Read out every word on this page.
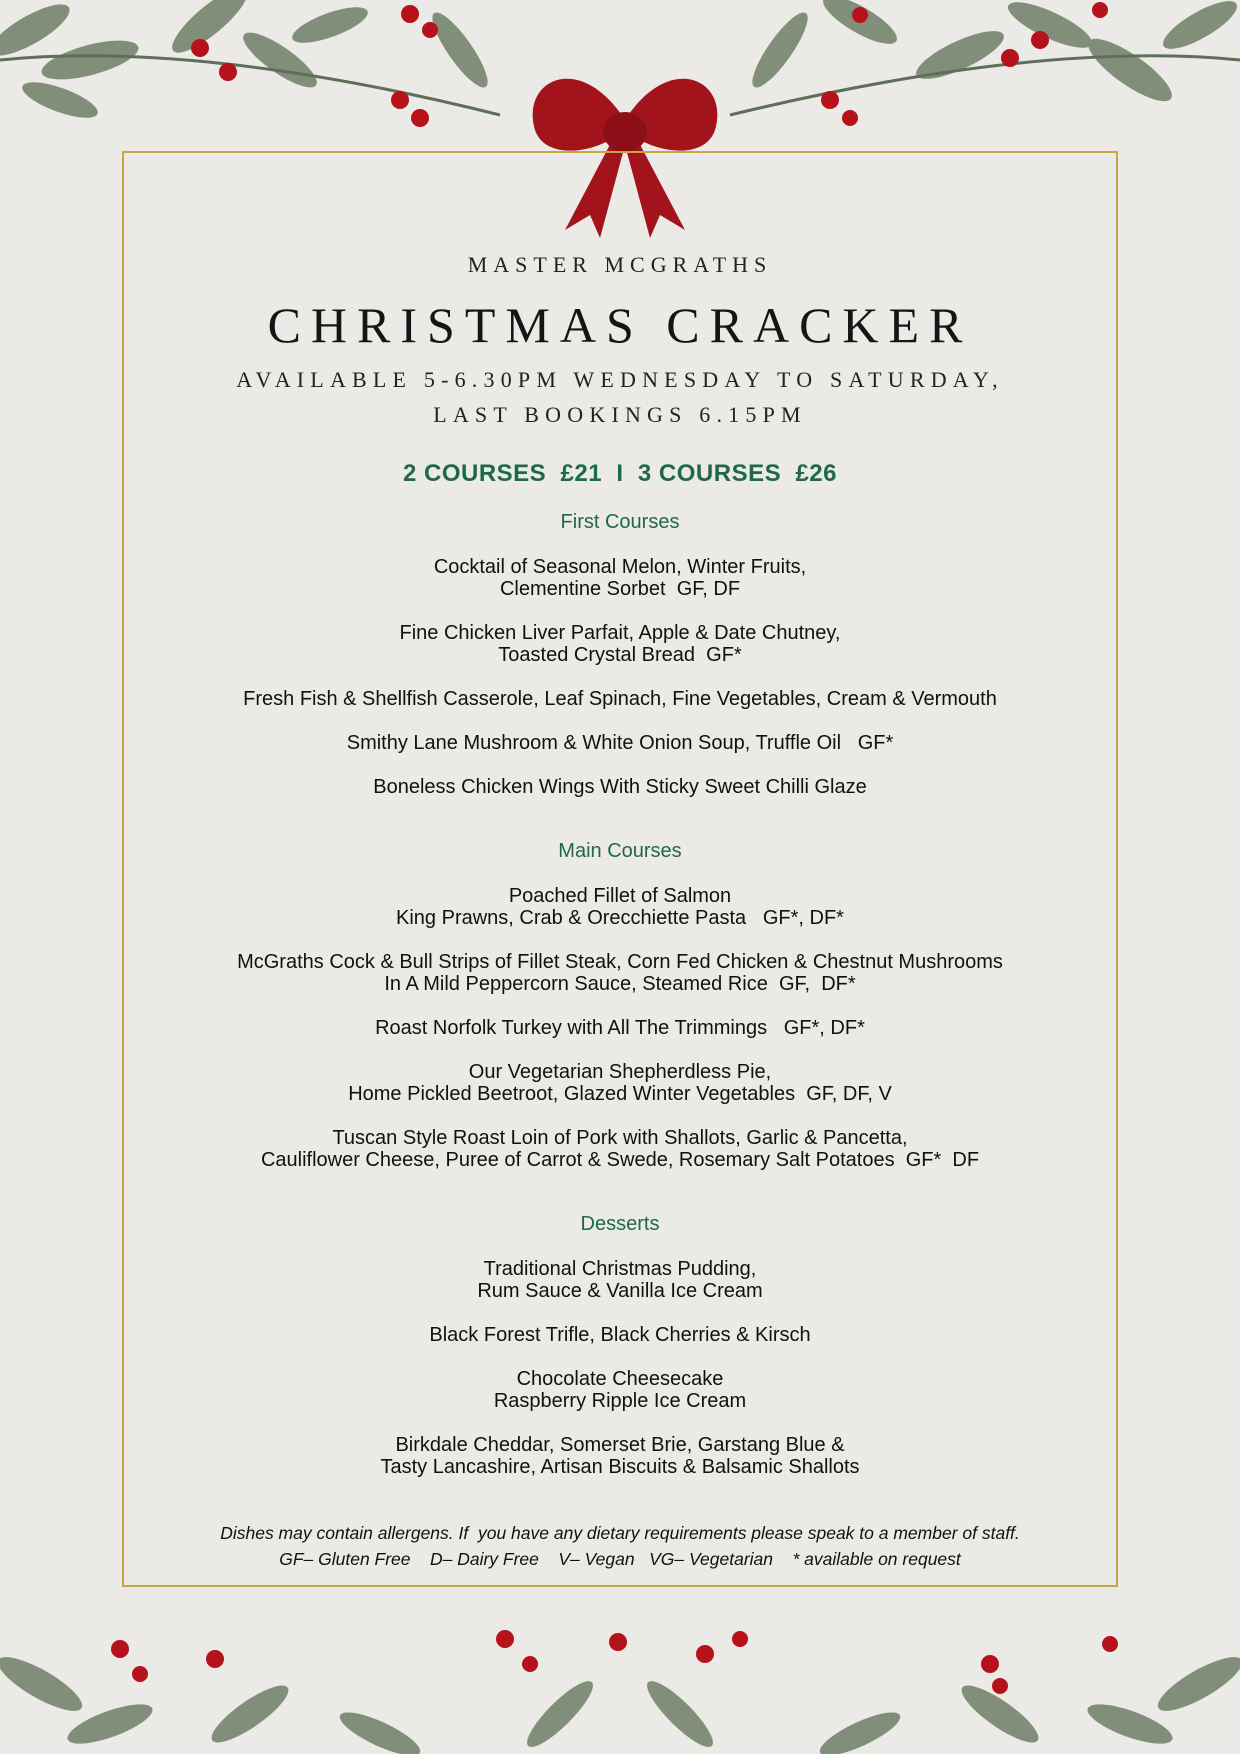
MASTER MCGRATHS
CHRISTMAS CRACKER
AVAILABLE 5-6.30PM WEDNESDAY TO SATURDAY,
LAST BOOKINGS 6.15PM
2 COURSES  £21  I  3 COURSES  £26
First Courses
Cocktail of Seasonal Melon, Winter Fruits,
Clementine Sorbet  GF, DF
Fine Chicken Liver Parfait, Apple & Date Chutney,
Toasted Crystal Bread  GF*
Fresh Fish & Shellfish Casserole, Leaf Spinach, Fine Vegetables, Cream & Vermouth
Smithy Lane Mushroom & White Onion Soup, Truffle Oil   GF*
Boneless Chicken Wings With Sticky Sweet Chilli Glaze
Main Courses
Poached Fillet of Salmon
King Prawns, Crab & Orecchiette Pasta   GF*, DF*
McGraths Cock & Bull Strips of Fillet Steak, Corn Fed Chicken & Chestnut Mushrooms
In A Mild Peppercorn Sauce, Steamed Rice  GF,  DF*
Roast Norfolk Turkey with All The Trimmings   GF*, DF*
Our Vegetarian Shepherdless Pie,
Home Pickled Beetroot, Glazed Winter Vegetables  GF, DF, V
Tuscan Style Roast Loin of Pork with Shallots, Garlic & Pancetta,
Cauliflower Cheese, Puree of Carrot & Swede, Rosemary Salt Potatoes  GF*  DF
Desserts
Traditional Christmas Pudding,
Rum Sauce & Vanilla Ice Cream
Black Forest Trifle, Black Cherries & Kirsch
Chocolate Cheesecake
Raspberry Ripple Ice Cream
Birkdale Cheddar, Somerset Brie, Garstang Blue &
Tasty Lancashire, Artisan Biscuits & Balsamic Shallots
Dishes may contain allergens. If  you have any dietary requirements please speak to a member of staff.
GF– Gluten Free    D– Dairy Free    V– Vegan   VG– Vegetarian    * available on request
